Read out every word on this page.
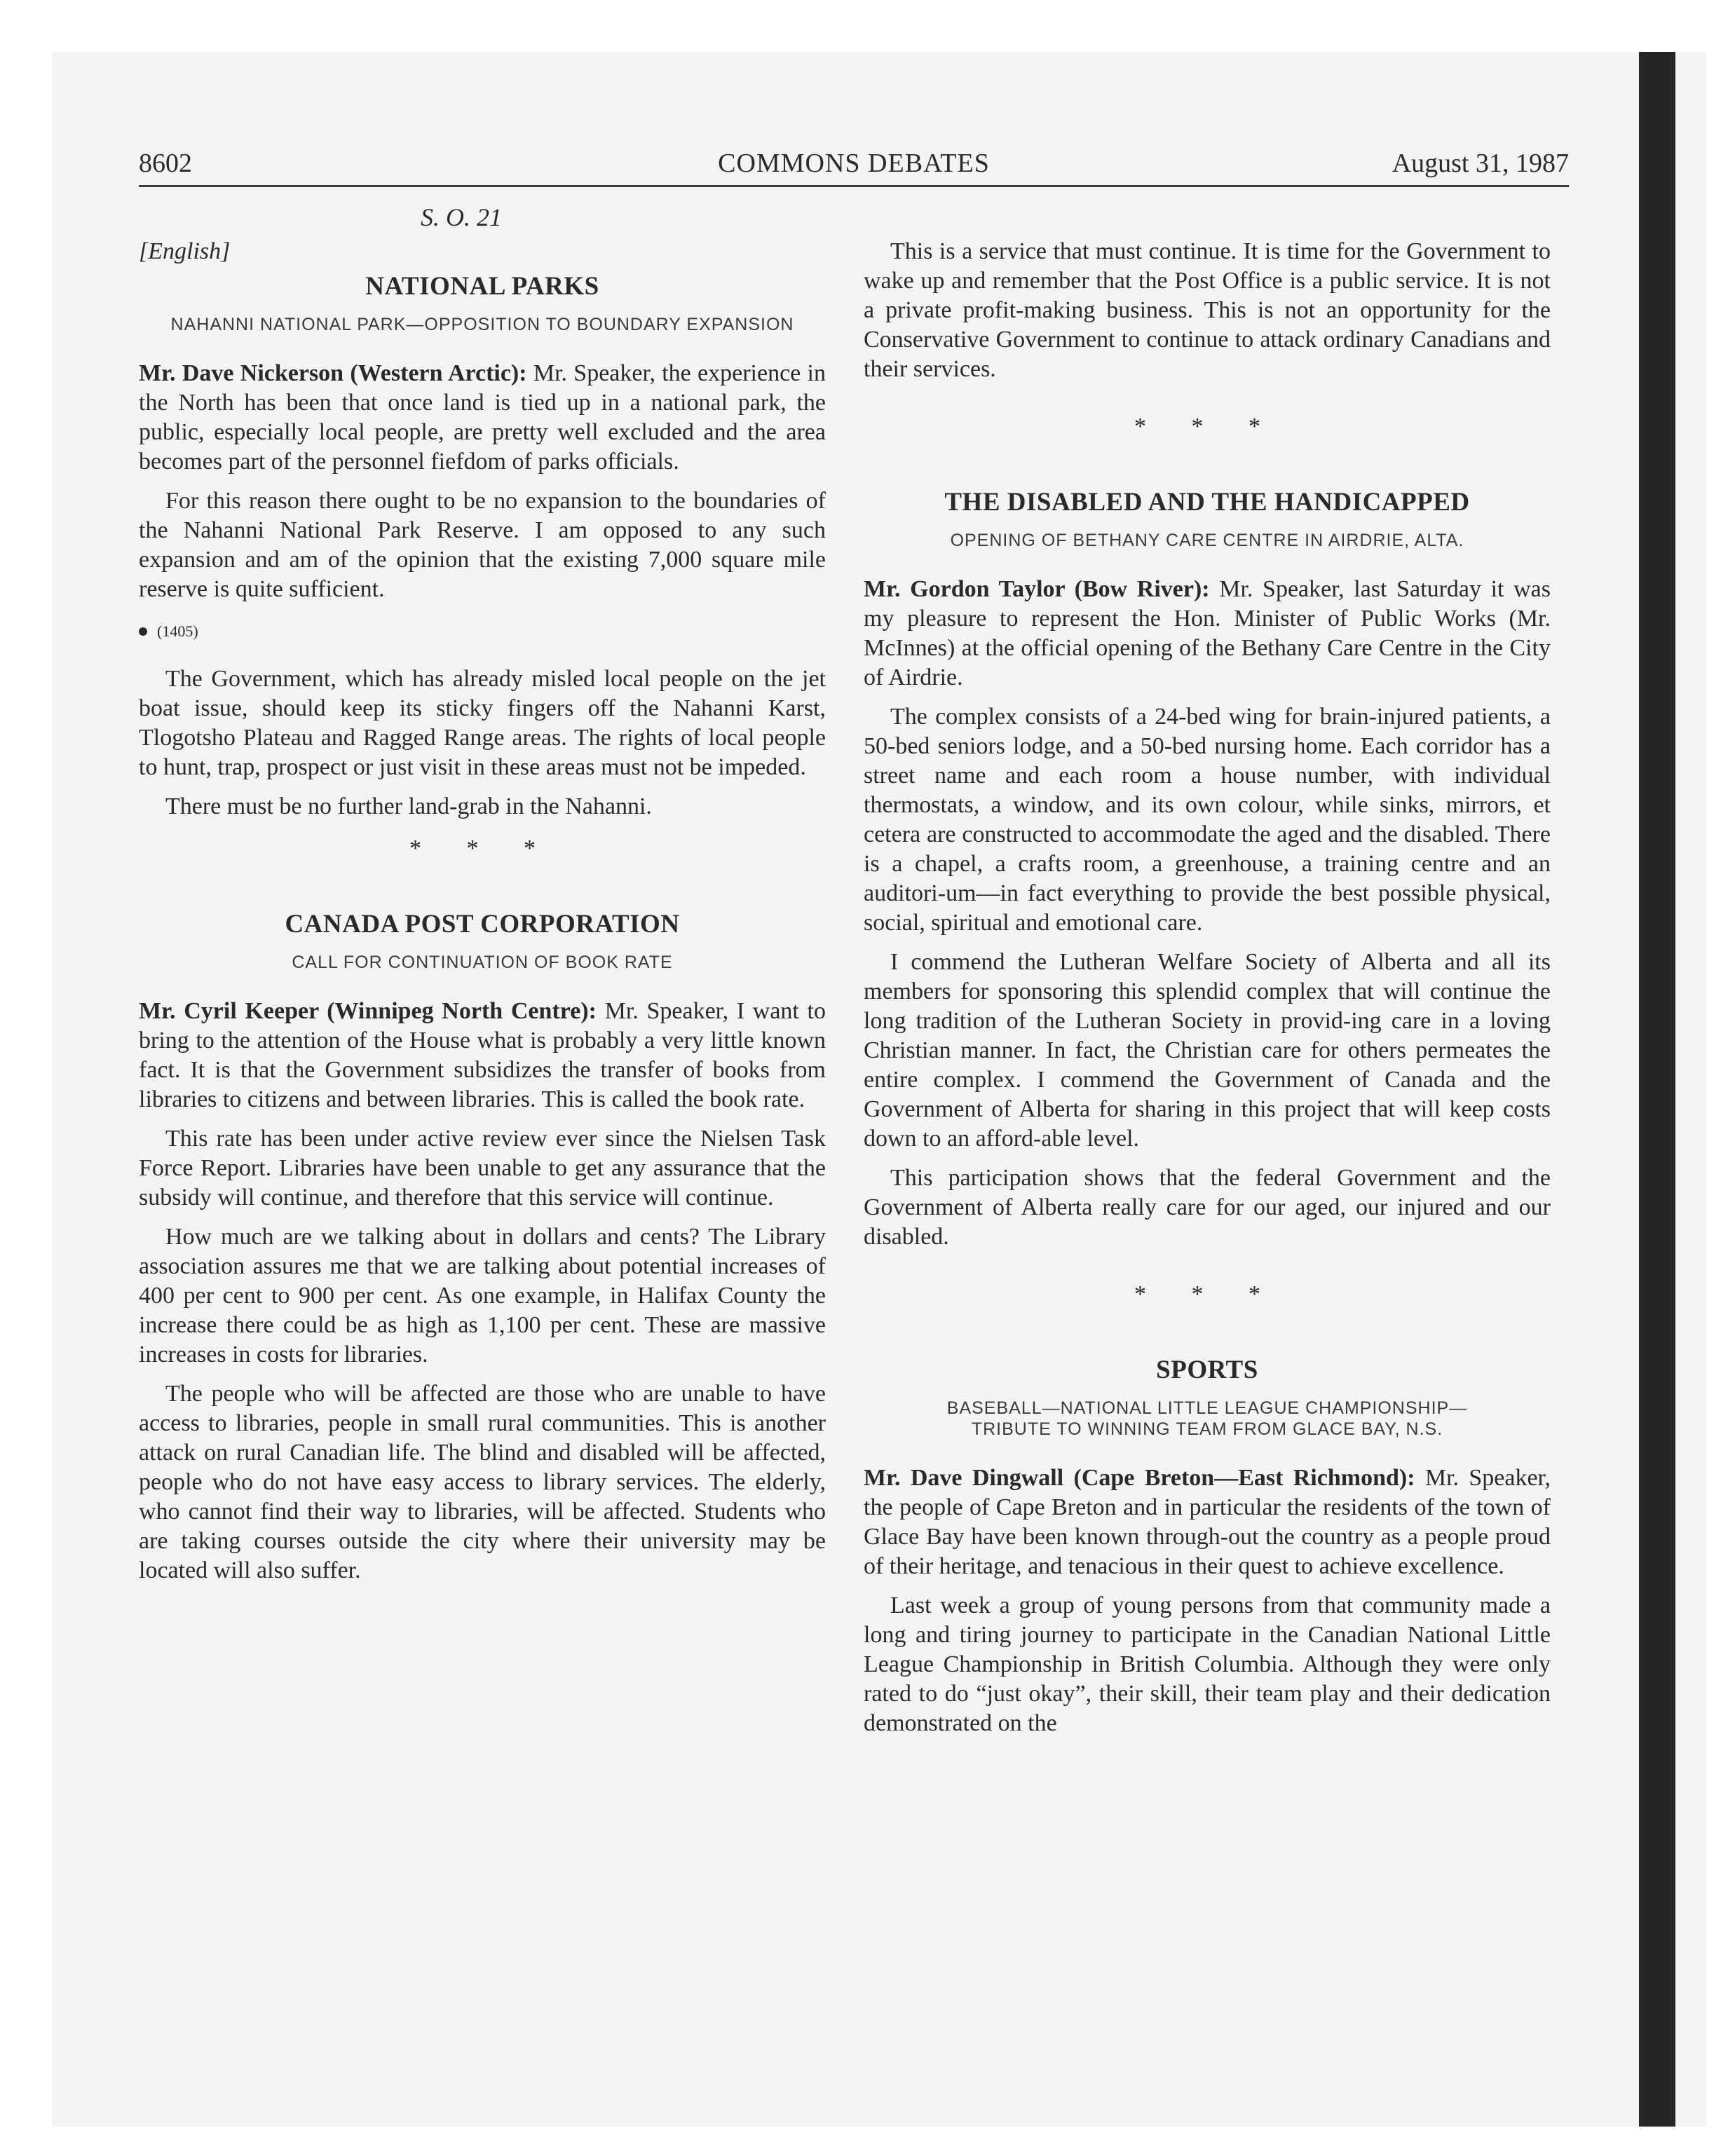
8602	COMMONS DEBATES	August 31, 1987

S. O. 21

[English]

NATIONAL PARKS
NAHANNI NATIONAL PARK—OPPOSITION TO BOUNDARY EXPANSION

Mr. Dave Nickerson (Western Arctic): Mr. Speaker, the experience in the North has been that once land is tied up in a national park, the public, especially local people, are pretty well excluded and the area becomes part of the personnel fiefdom of parks officials.

For this reason there ought to be no expansion to the boundaries of the Nahanni National Park Reserve. I am opposed to any such expansion and am of the opinion that the existing 7,000 square mile reserve is quite sufficient.

(1405)

The Government, which has already misled local people on the jet boat issue, should keep its sticky fingers off the Nahanni Karst, Tlogotsho Plateau and Ragged Range areas. The rights of local people to hunt, trap, prospect or just visit in these areas must not be impeded.

There must be no further land-grab in the Nahanni.

* * *
CANADA POST CORPORATION
CALL FOR CONTINUATION OF BOOK RATE

Mr. Cyril Keeper (Winnipeg North Centre): Mr. Speaker, I want to bring to the attention of the House what is probably a very little known fact. It is that the Government subsidizes the transfer of books from libraries to citizens and between libraries. This is called the book rate.

This rate has been under active review ever since the Nielsen Task Force Report. Libraries have been unable to get any assurance that the subsidy will continue, and therefore that this service will continue.

How much are we talking about in dollars and cents? The Library association assures me that we are talking about potential increases of 400 per cent to 900 per cent. As one example, in Halifax County the increase there could be as high as 1,100 per cent. These are massive increases in costs for libraries.

The people who will be affected are those who are unable to have access to libraries, people in small rural communities. This is another attack on rural Canadian life. The blind and disabled will be affected, people who do not have easy access to library services. The elderly, who cannot find their way to libraries, will be affected. Students who are taking courses outside the city where their university may be located will also suffer.

This is a service that must continue. It is time for the Government to wake up and remember that the Post Office is a public service. It is not a private profit-making business. This is not an opportunity for the Conservative Government to continue to attack ordinary Canadians and their services.

* * *
THE DISABLED AND THE HANDICAPPED
OPENING OF BETHANY CARE CENTRE IN AIRDRIE, ALTA.

Mr. Gordon Taylor (Bow River): Mr. Speaker, last Saturday it was my pleasure to represent the Hon. Minister of Public Works (Mr. McInnes) at the official opening of the Bethany Care Centre in the City of Airdrie.

The complex consists of a 24-bed wing for brain-injured patients, a 50-bed seniors lodge, and a 50-bed nursing home. Each corridor has a street name and each room a house number, with individual thermostats, a window, and its own colour, while sinks, mirrors, et cetera are constructed to accommodate the aged and the disabled. There is a chapel, a crafts room, a greenhouse, a training centre and an auditori-um—in fact everything to provide the best possible physical, social, spiritual and emotional care.

I commend the Lutheran Welfare Society of Alberta and all its members for sponsoring this splendid complex that will continue the long tradition of the Lutheran Society in provid-ing care in a loving Christian manner. In fact, the Christian care for others permeates the entire complex. I commend the Government of Canada and the Government of Alberta for sharing in this project that will keep costs down to an afford-able level.

This participation shows that the federal Government and the Government of Alberta really care for our aged, our injured and our disabled.

* * *
SPORTS
BASEBALL—NATIONAL LITTLE LEAGUE CHAMPIONSHIP—
TRIBUTE TO WINNING TEAM FROM GLACE BAY, N.S.

Mr. Dave Dingwall (Cape Breton—East Richmond): Mr. Speaker, the people of Cape Breton and in particular the residents of the town of Glace Bay have been known through-out the country as a people proud of their heritage, and tenacious in their quest to achieve excellence.

Last week a group of young persons from that community made a long and tiring journey to participate in the Canadian National Little League Championship in British Columbia. Although they were only rated to do “just okay”, their skill, their team play and their dedication demonstrated on the
